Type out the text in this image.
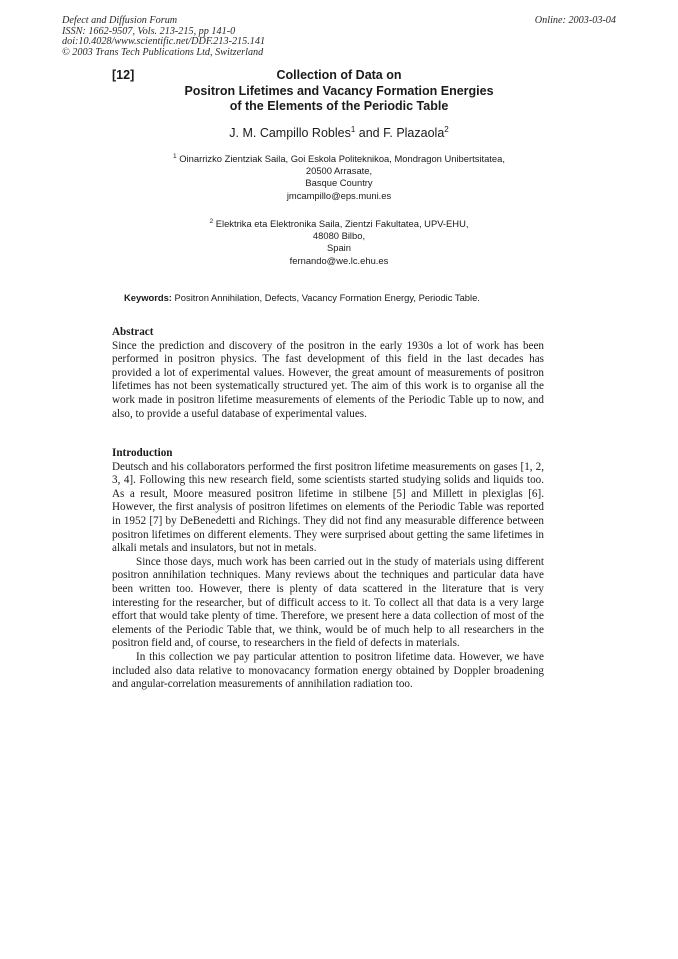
Defect and Diffusion Forum
ISSN: 1662-9507, Vols. 213-215, pp 141-0
doi:10.4028/www.scientific.net/DDF.213-215.141
© 2003 Trans Tech Publications Ltd, Switzerland
Online: 2003-03-04
[12]	Collection of Data on
Positron Lifetimes and Vacancy Formation Energies
of the Elements of the Periodic Table
J. M. Campillo Robles$^1$ and F. Plazaola$^2$
$^1$ Oinarrizko Zientziak Saila, Goi Eskola Politeknikoa, Mondragon Unibertsitatea,
20500 Arrasate,
Basque Country
jmcampillo@eps.muni.es
$^2$ Elektrika eta Elektronika Saila, Zientzi Fakultatea, UPV-EHU,
48080 Bilbo,
Spain
fernando@we.lc.ehu.es
Keywords: Positron Annihilation, Defects, Vacancy Formation Energy, Periodic Table.
Abstract

Since the prediction and discovery of the positron in the early 1930s a lot of work has been performed in positron physics. The fast development of this field in the last decades has provided a lot of experimental values. However, the great amount of measurements of positron lifetimes has not been systematically structured yet. The aim of this work is to organise all the work made in positron lifetime measurements of elements of the Periodic Table up to now, and also, to provide a useful database of experimental values.

Introduction

Deutsch and his collaborators performed the first positron lifetime measurements on gases [1, 2, 3, 4]. Following this new research field, some scientists started studying solids and liquids too. As a result, Moore measured positron lifetime in stilbene [5] and Millett in plexiglas [6]. However, the first analysis of positron lifetimes on elements of the Periodic Table was reported in 1952 [7] by DeBenedetti and Richings. They did not find any measurable difference between positron lifetimes on different elements. They were surprised about getting the same lifetimes in alkali metals and insulators, but not in metals.

Since those days, much work has been carried out in the study of materials using different positron annihilation techniques. Many reviews about the techniques and particular data have been written too. However, there is plenty of data scattered in the literature that is very interesting for the researcher, but of difficult access to it. To collect all that data is a very large effort that would take plenty of time. Therefore, we present here a data collection of most of the elements of the Periodic Table that, we think, would be of much help to all researchers in the positron field and, of course, to researchers in the field of defects in materials.

In this collection we pay particular attention to positron lifetime data. However, we have included also data relative to monovacancy formation energy obtained by Doppler broadening and angular-correlation measurements of annihilation radiation too.
